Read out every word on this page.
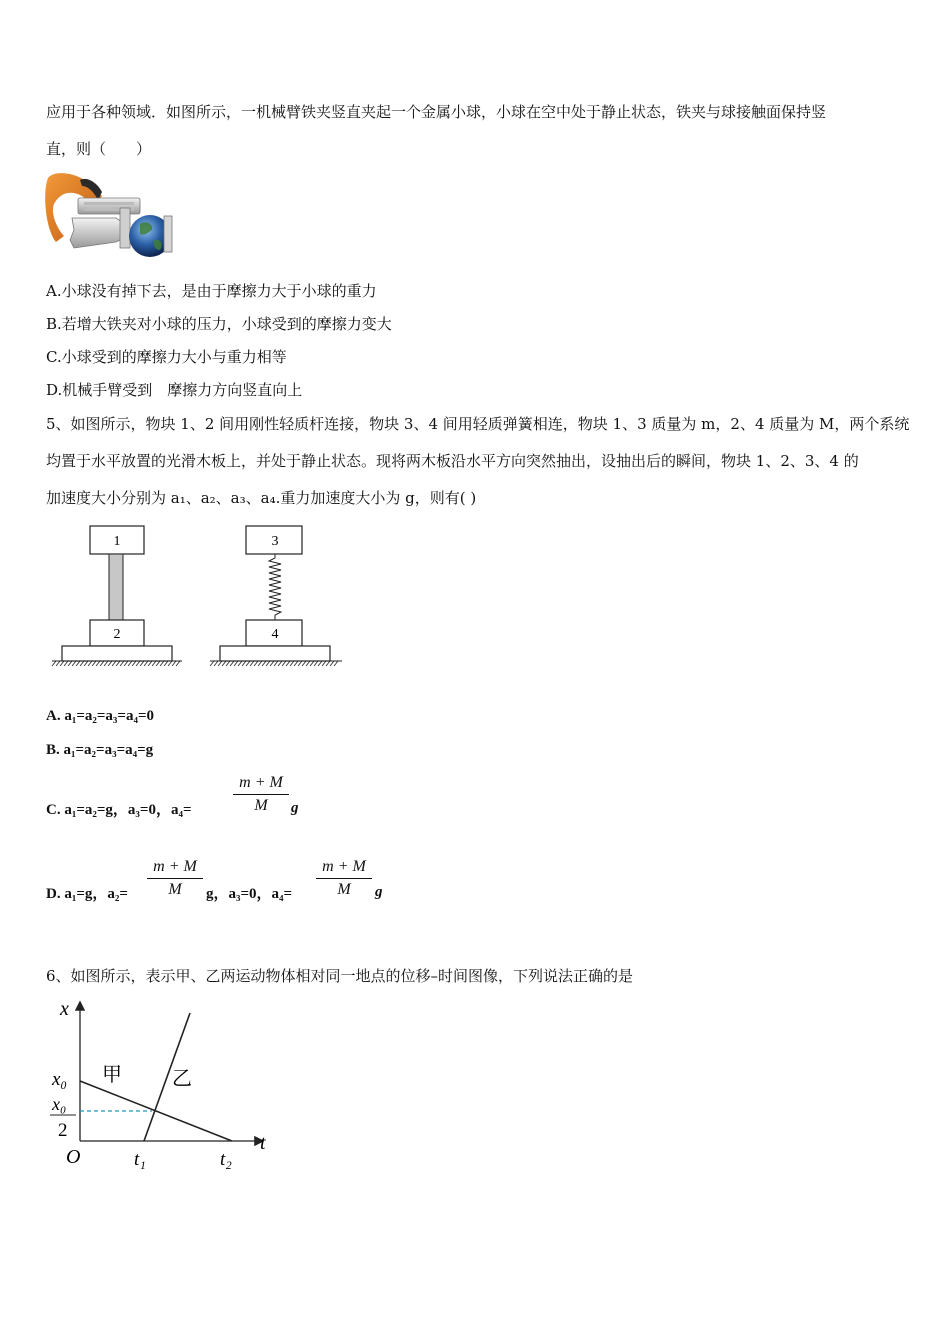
应用于各种领域．如图所示，一机械臂铁夹竖直夹起一个金属小球，小球在空中处于静止状态，铁夹与球接触面保持竖
直，则（　　）
A.小球没有掉下去，是由于摩擦力大于小球的重力
B.若增大铁夹对小球的压力，小球受到的摩擦力变大
C.小球受到的摩擦力大小与重力相等
D.机械手臂受到　摩擦力方向竖直向上
5、如图所示，物块 1、2 间用刚性轻质杆连接，物块 3、4 间用轻质弹簧相连，物块 1、3 质量为 m，2、4 质量为 M，两个系统
均置于水平放置的光滑木板上，并处于静止状态。现将两木板沿水平方向突然抽出，设抽出后的瞬间，物块 1、2、3、4 的
加速度大小分别为 a₁、a₂、a₃、a₄.重力加速度大小为 g，则有( )
1
2
3
4
A. a₁=a₂=a₃=a₄=0
B. a₁=a₂=a₃=a₄=g
C. a₁=a₂=g，a₃=0，a₄=	$\frac{m + M}{M}$ g
D. a₁=g，$a_2= \frac{m + M}{M}$ g，a₃=0，$a_4= \frac{m + M}{M}$ g
6、如图所示，表示甲、乙两运动物体相对同一地点的位移–时间图像，下列说法正确的是
x
t
O
x₀
x₀
2
甲	乙
t₁	t₂
